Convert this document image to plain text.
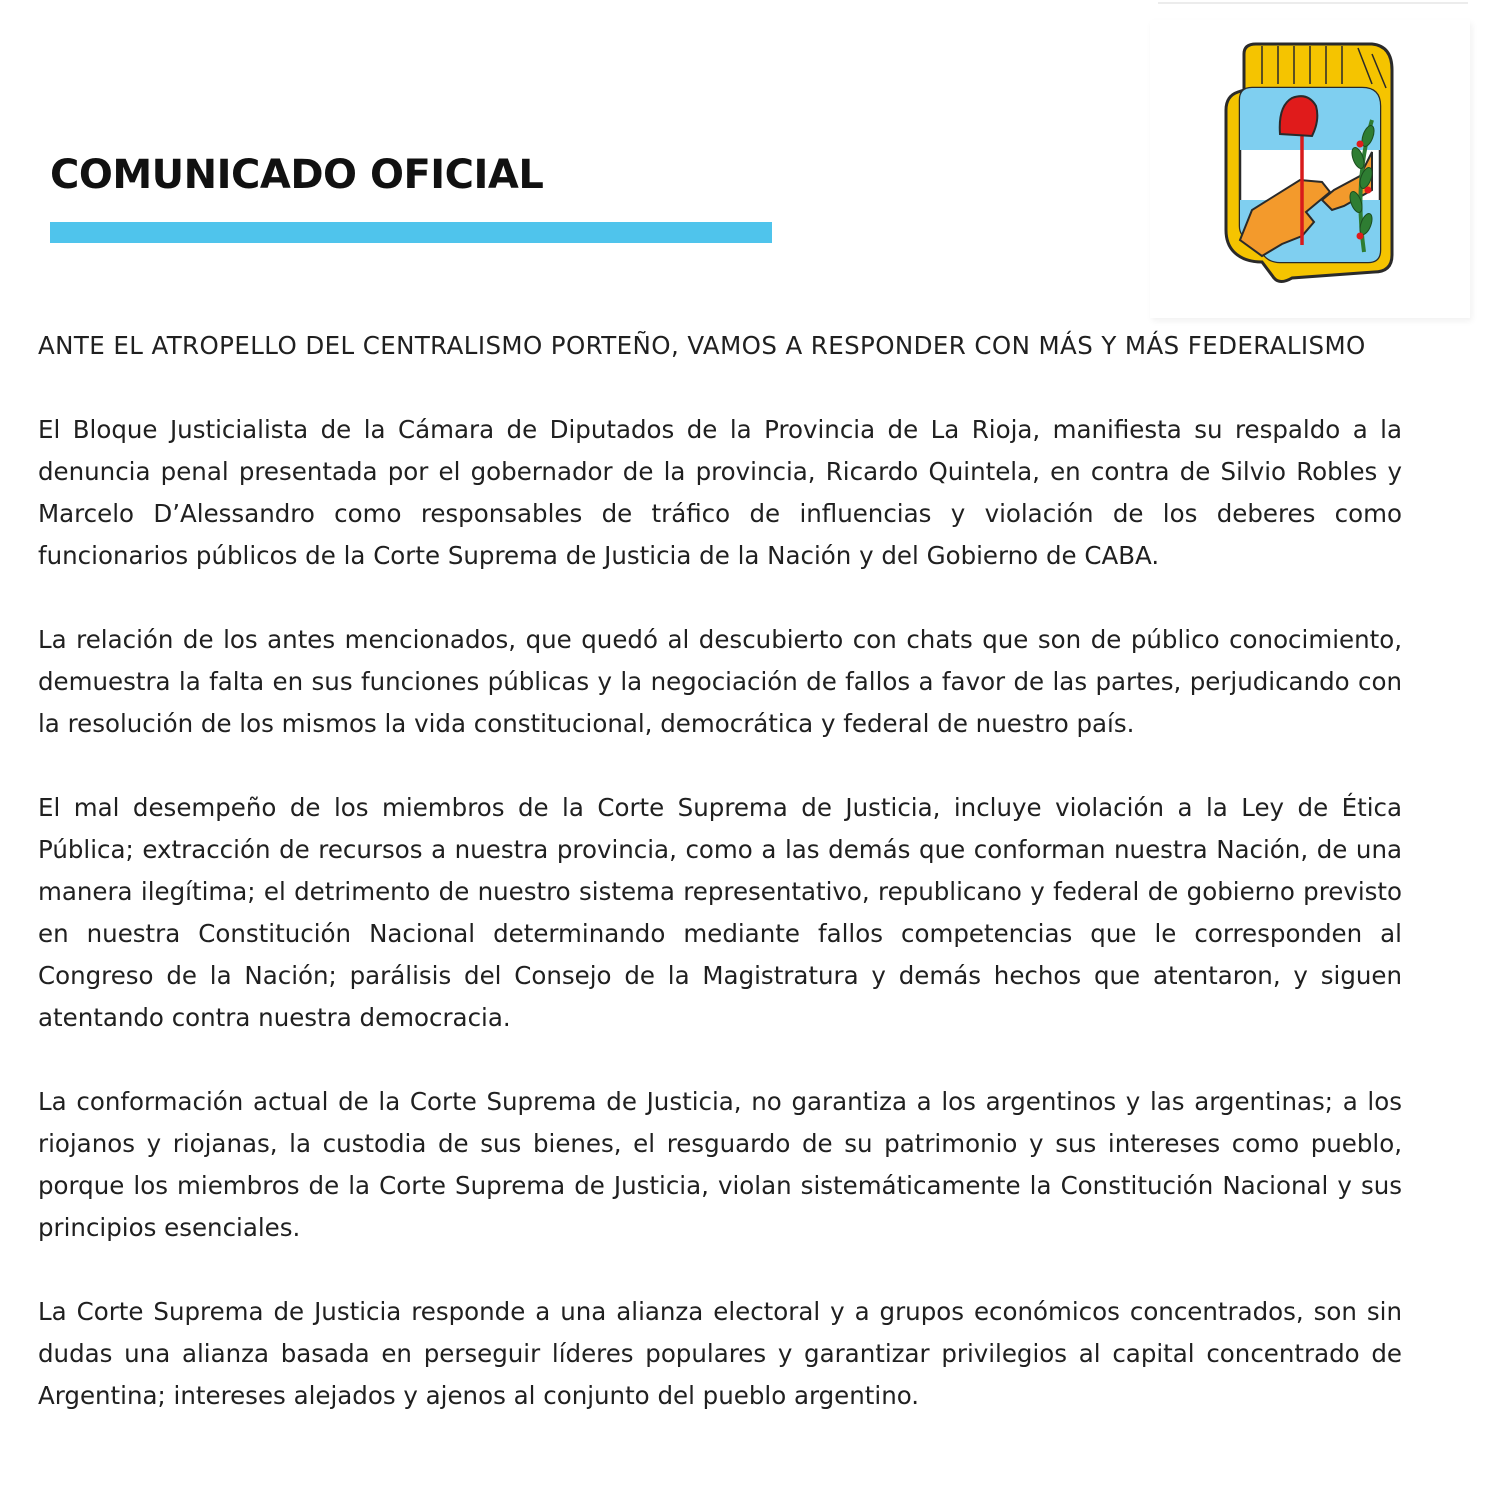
COMUNICADO OFICIAL

ANTE EL ATROPELLO DEL CENTRALISMO PORTEÑO, VAMOS A RESPONDER CON MÁS Y MÁS FEDERALISMO

El Bloque Justicialista de la Cámara de Diputados de la Provincia de La Rioja, manifiesta su respaldo a la denuncia penal presentada por el gobernador de la provincia, Ricardo Quintela, en contra de Silvio Robles y Marcelo D’Alessandro como responsables de tráfico de influencias y violación de los deberes como funcionarios públicos de la Corte Suprema de Justicia de la Nación y del Gobierno de CABA.

La relación de los antes mencionados, que quedó al descubierto con chats que son de público conocimiento, demuestra la falta en sus funciones públicas y la negociación de fallos a favor de las partes, perjudicando con la resolución de los mismos la vida constitucional, democrática y federal de nuestro país.

El mal desempeño de los miembros de la Corte Suprema de Justicia, incluye violación a la Ley de Ética Pública; extracción de recursos a nuestra provincia, como a las demás que conforman nuestra Nación, de una manera ilegítima; el detrimento de nuestro sistema representativo, republicano y federal de gobierno previsto en nuestra Constitución Nacional determinando mediante fallos competencias que le corresponden al Congreso de la Nación; parálisis del Consejo de la Magistratura y demás hechos que atentaron, y siguen atentando contra nuestra democracia.

La conformación actual de la Corte Suprema de Justicia, no garantiza a los argentinos y las argentinas; a los riojanos y riojanas, la custodia de sus bienes, el resguardo de su patrimonio y sus intereses como pueblo, porque los miembros de la Corte Suprema de Justicia, violan sistemáticamente la Constitución Nacional y sus principios esenciales.

La Corte Suprema de Justicia responde a una alianza electoral y a grupos económicos concentrados, son sin dudas una alianza basada en perseguir líderes populares y garantizar privilegios al capital concentrado de Argentina; intereses alejados y ajenos al conjunto del pueblo argentino.
